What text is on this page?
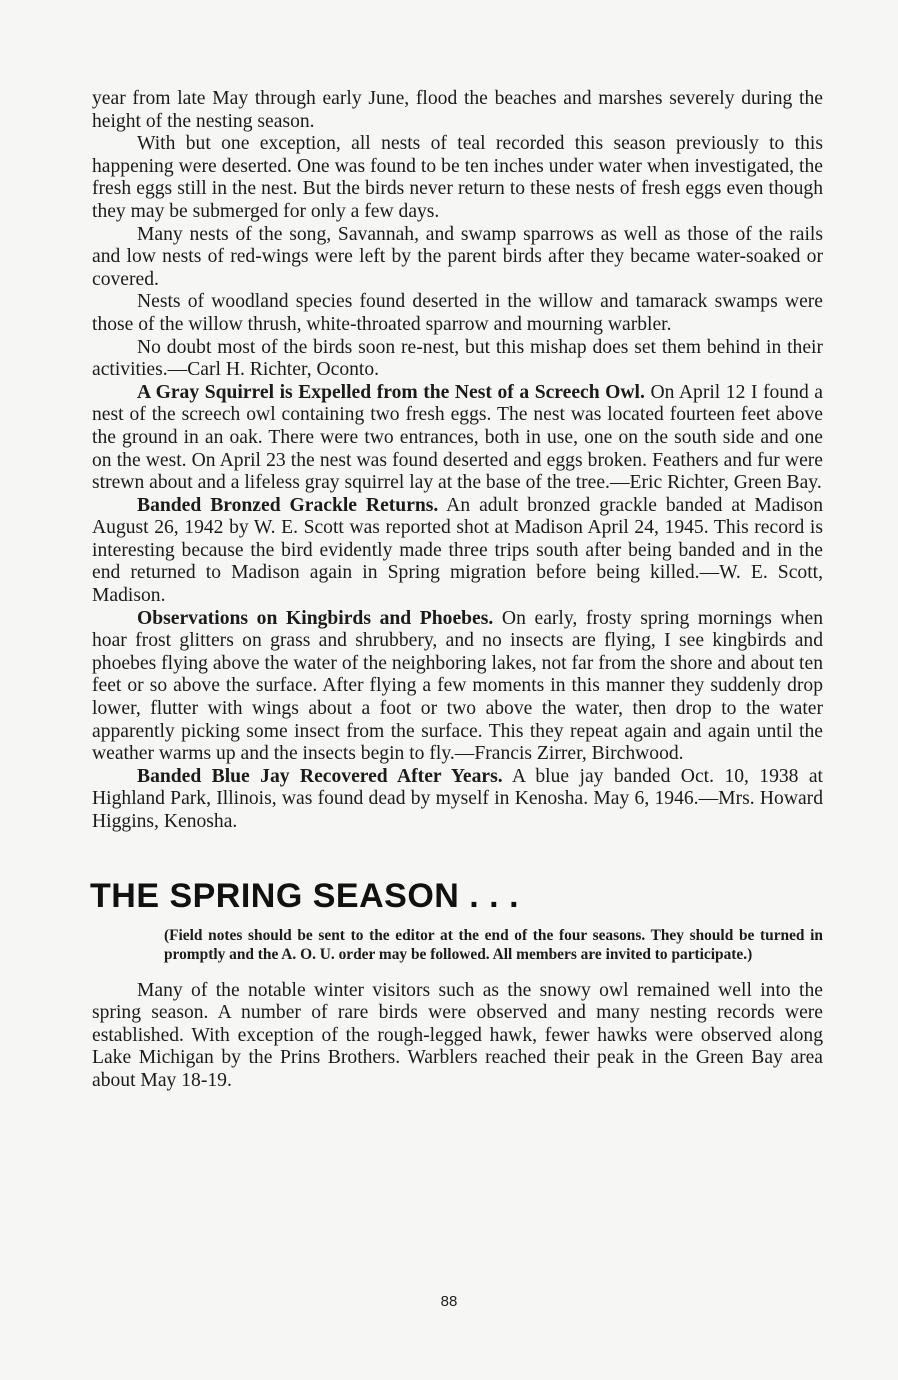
year from late May through early June, flood the beaches and marshes severely during the height of the nesting season.

With but one exception, all nests of teal recorded this season previously to this happening were deserted. One was found to be ten inches under water when investigated, the fresh eggs still in the nest. But the birds never return to these nests of fresh eggs even though they may be submerged for only a few days.

Many nests of the song, Savannah, and swamp sparrows as well as those of the rails and low nests of red-wings were left by the parent birds after they became water-soaked or covered.

Nests of woodland species found deserted in the willow and tamarack swamps were those of the willow thrush, white-throated sparrow and mourning warbler.

No doubt most of the birds soon re-nest, but this mishap does set them behind in their activities.—Carl H. Richter, Oconto.

A Gray Squirrel is Expelled from the Nest of a Screech Owl. On April 12 I found a nest of the screech owl containing two fresh eggs. The nest was located fourteen feet above the ground in an oak. There were two entrances, both in use, one on the south side and one on the west. On April 23 the nest was found deserted and eggs broken. Feathers and fur were strewn about and a lifeless gray squirrel lay at the base of the tree.—Eric Richter, Green Bay.

Banded Bronzed Grackle Returns. An adult bronzed grackle banded at Madison August 26, 1942 by W. E. Scott was reported shot at Madison April 24, 1945. This record is interesting because the bird evidently made three trips south after being banded and in the end returned to Madison again in Spring migration before being killed.—W. E. Scott, Madison.

Observations on Kingbirds and Phoebes. On early, frosty spring mornings when hoar frost glitters on grass and shrubbery, and no insects are flying, I see kingbirds and phoebes flying above the water of the neighboring lakes, not far from the shore and about ten feet or so above the surface. After flying a few moments in this manner they suddenly drop lower, flutter with wings about a foot or two above the water, then drop to the water apparently picking some insect from the surface. This they repeat again and again until the weather warms up and the insects begin to fly.—Francis Zirrer, Birchwood.

Banded Blue Jay Recovered After Years. A blue jay banded Oct. 10, 1938 at Highland Park, Illinois, was found dead by myself in Kenosha. May 6, 1946.—Mrs. Howard Higgins, Kenosha.

THE SPRING SEASON . . .
(Field notes should be sent to the editor at the end of the four seasons. They should be turned in promptly and the A. O. U. order may be followed. All members are invited to participate.)

Many of the notable winter visitors such as the snowy owl remained well into the spring season. A number of rare birds were observed and many nesting records were established. With exception of the rough-legged hawk, fewer hawks were observed along Lake Michigan by the Prins Brothers. Warblers reached their peak in the Green Bay area about May 18-19.

88
